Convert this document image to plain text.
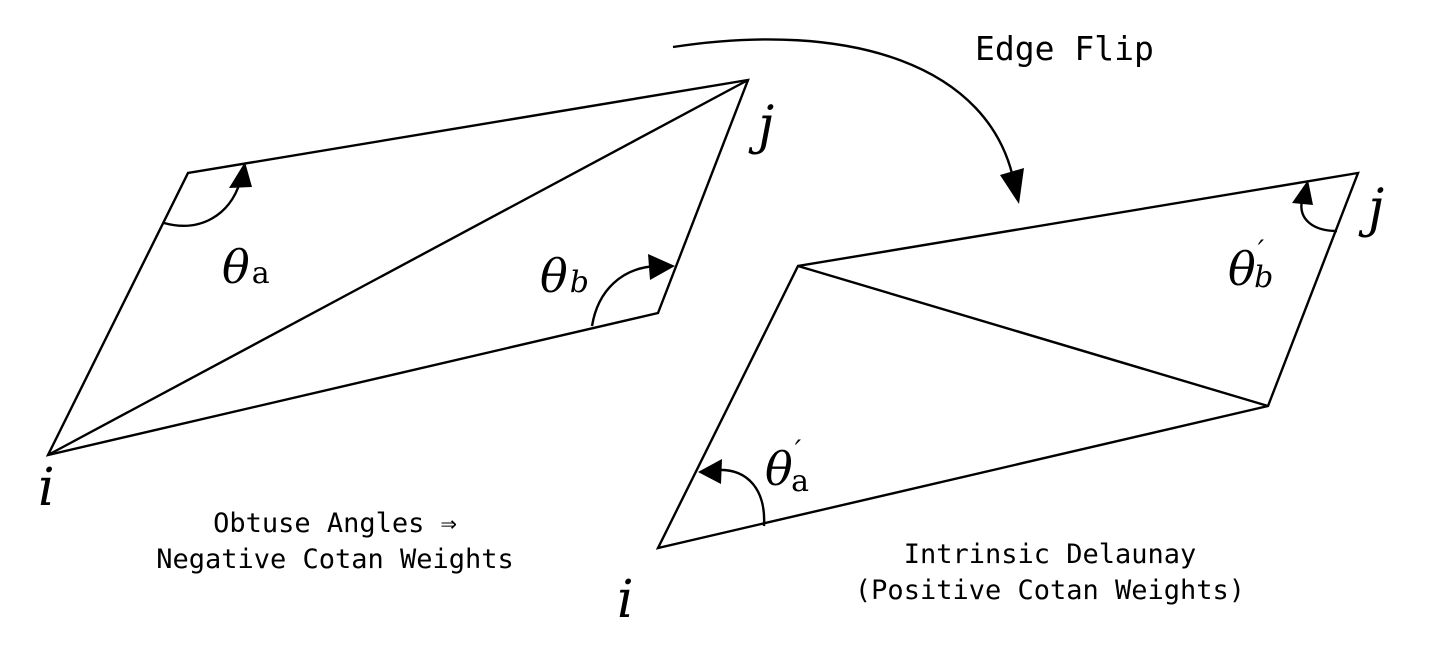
j
i
θa	θb
Obtuse Angles ⇒
Negative Cotan Weights
Edge Flip
j
i
θ′ a
θ′ b
Intrinsic Delaunay
(Positive Cotan Weights)
